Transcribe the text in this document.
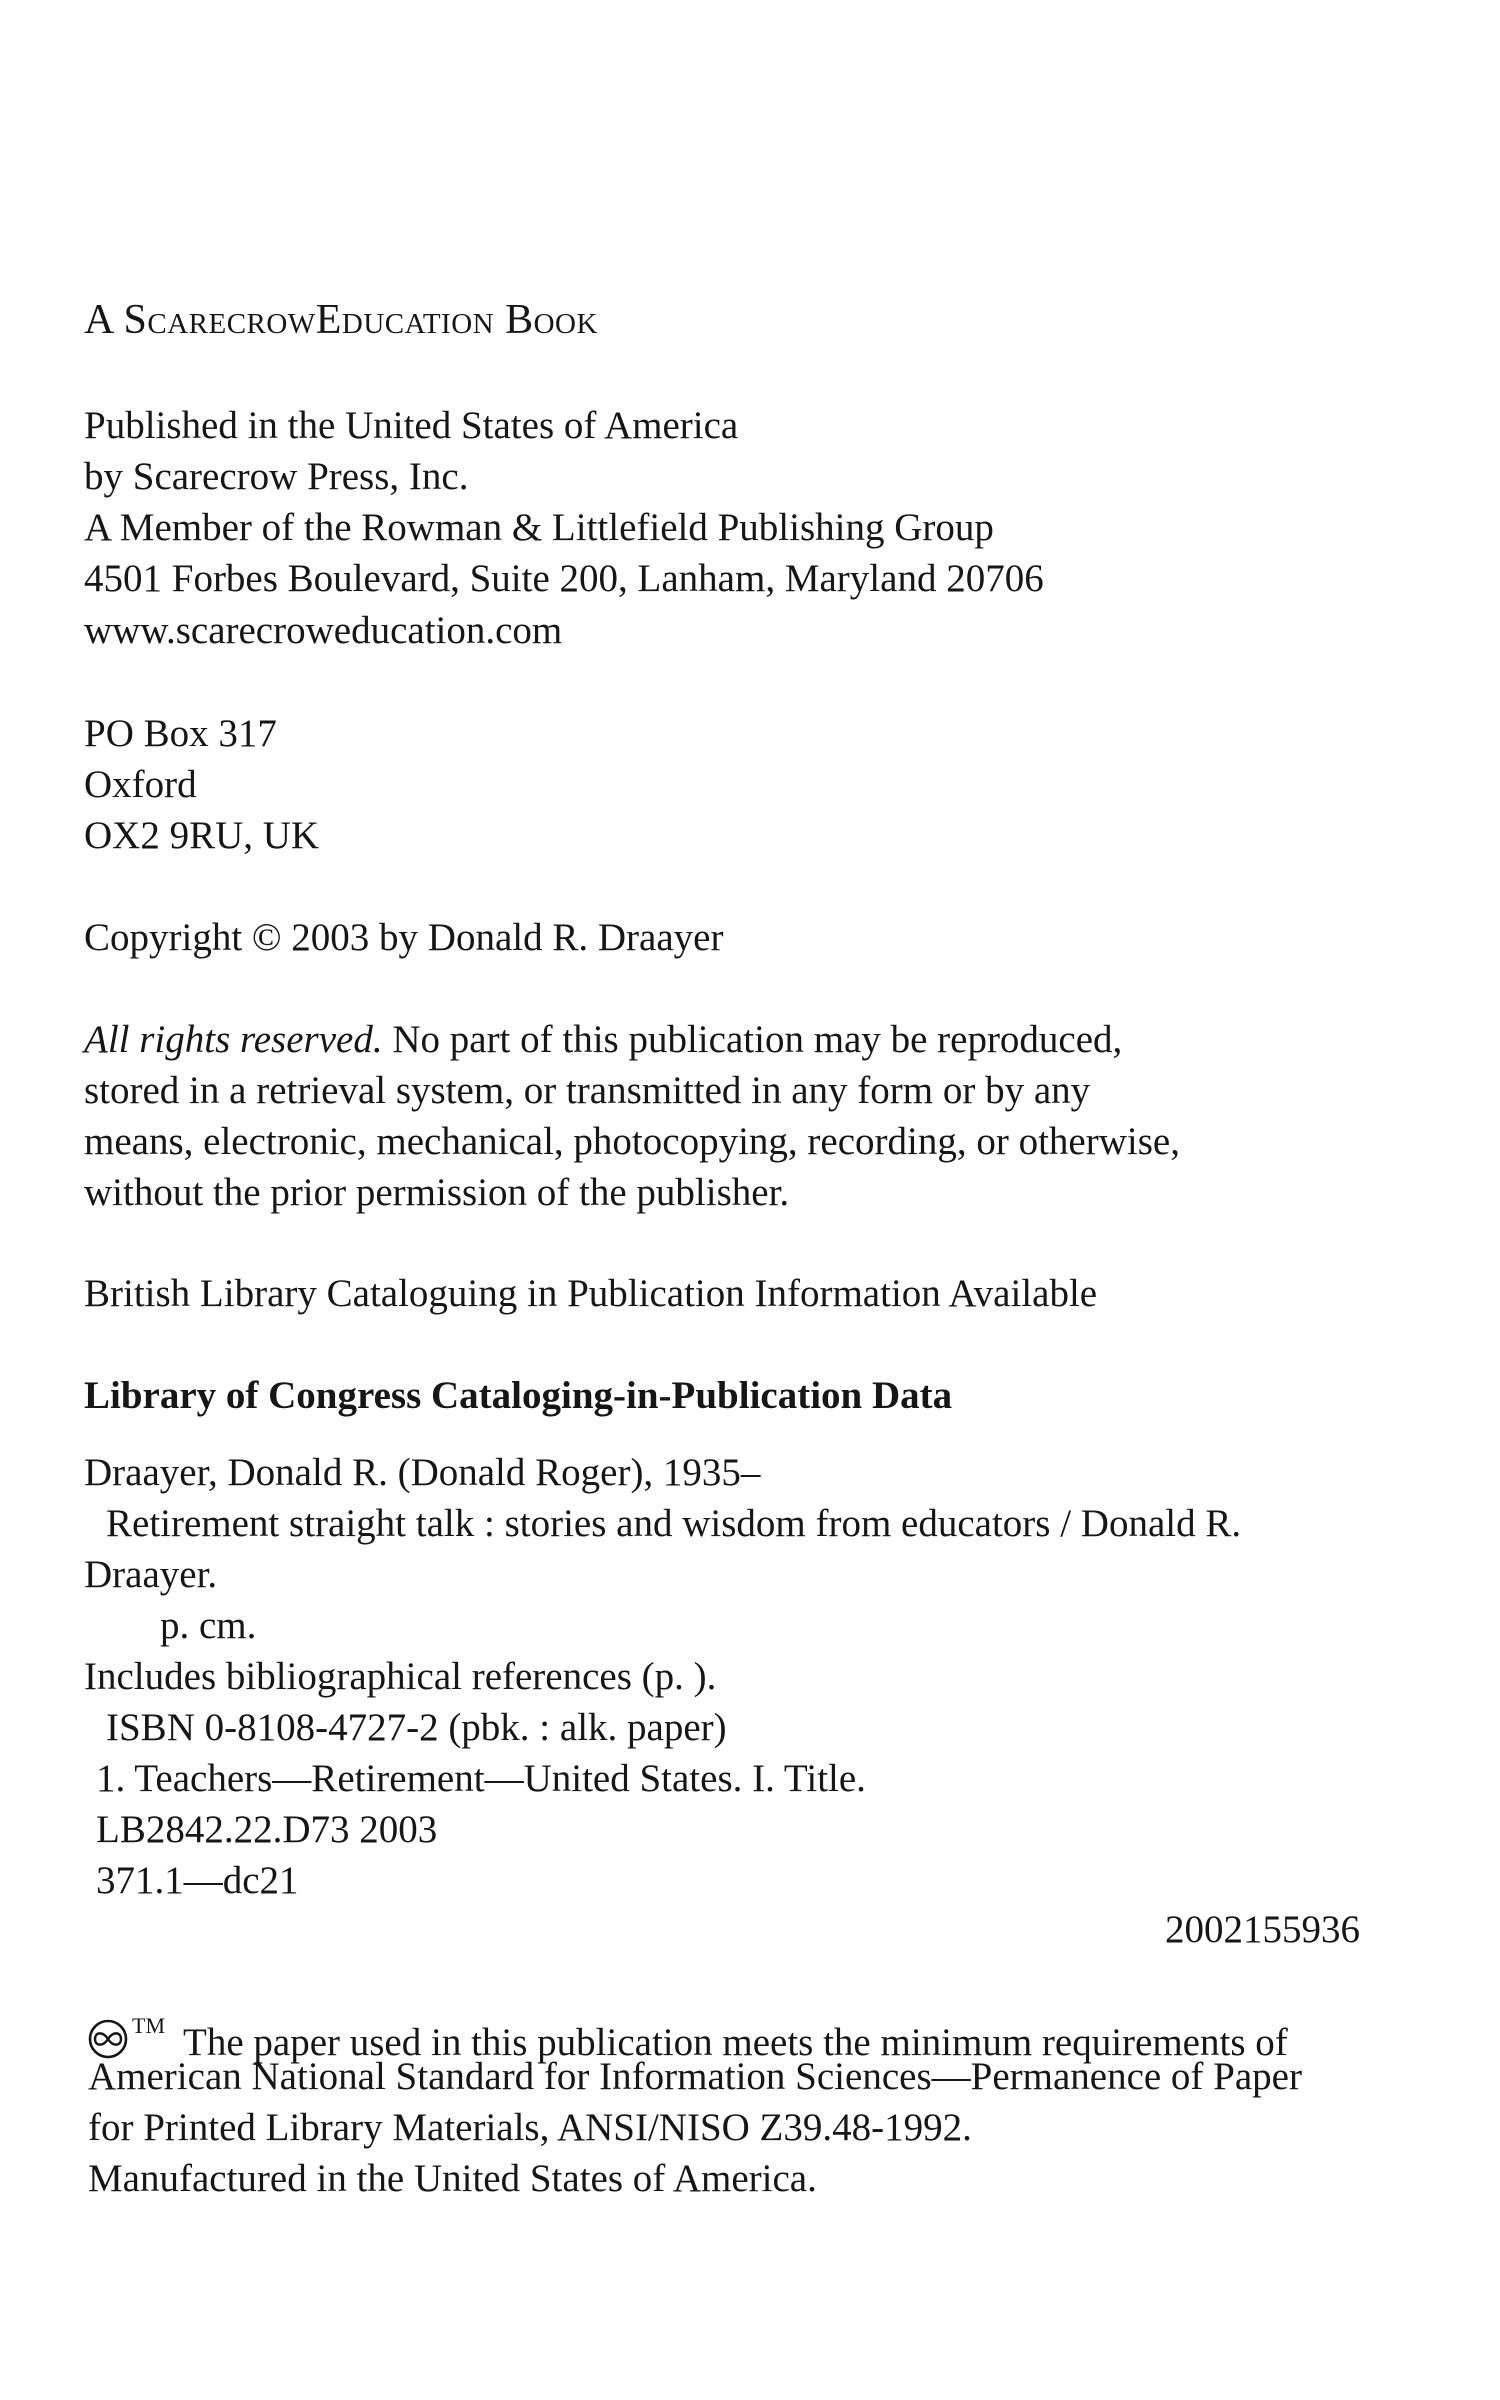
A ScarecrowEducation Book
Published in the United States of America
by Scarecrow Press, Inc.
A Member of the Rowman & Littlefield Publishing Group
4501 Forbes Boulevard, Suite 200, Lanham, Maryland 20706
www.scarecroweducation.com
PO Box 317
Oxford
OX2 9RU, UK
Copyright © 2003 by Donald R. Draayer
All rights reserved. No part of this publication may be reproduced,
stored in a retrieval system, or transmitted in any form or by any
means, electronic, mechanical, photocopying, recording, or otherwise,
without the prior permission of the publisher.
British Library Cataloguing in Publication Information Available
Library of Congress Cataloging-in-Publication Data
Draayer, Donald R. (Donald Roger), 1935–
Retirement straight talk : stories and wisdom from educators / Donald R.
Draayer.
p. cm.
Includes bibliographical references (p. ).
ISBN 0-8108-4727-2 (pbk. : alk. paper)
1. Teachers—Retirement—United States. I. Title.
LB2842.22.D73 2003
371.1—dc21
2002155936
™ The paper used in this publication meets the minimum requirements of
American National Standard for Information Sciences—Permanence of Paper
for Printed Library Materials, ANSI/NISO Z39.48-1992.
Manufactured in the United States of America.
